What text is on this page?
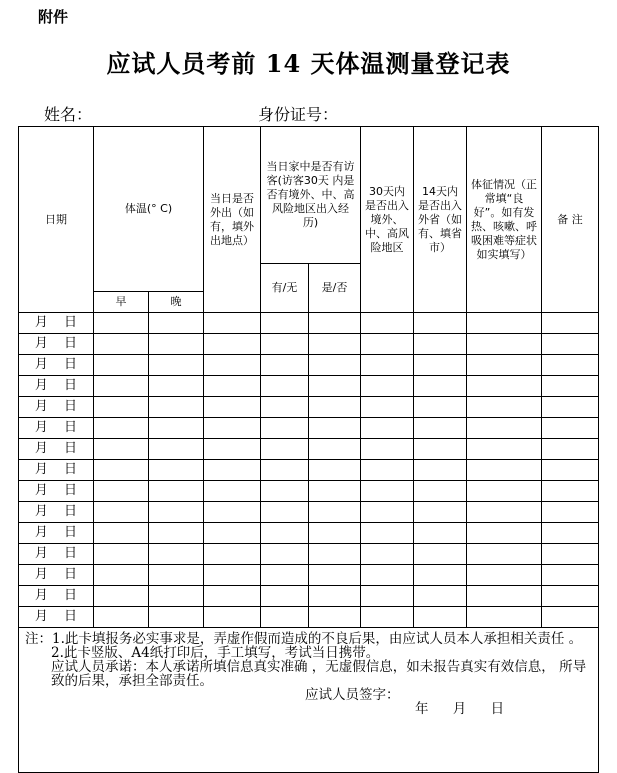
附件
应试人员考前 14 天体温测量登记表
姓名：	身份证号：
日期	体温(° C)		当日是否外出（如有，填外出地点）	当日家中是否有访客(访客30天 内是否有境外、中、高风险地区出入经历)		30天内是否出入境外、中、高风险地区	14天内是否出入外省（如有、填省市）	体征情况（正 常填“良好”。如有发热、咳嗽、呼吸困难等症状如实填写）	备 注
				有/无	是/否				
	早	晚							
月 日									
月 日									
月 日									
月 日									
月 日									
月 日									
月 日									
月 日									
月 日									
月 日									
月 日									
月 日									
月 日									
月 日									
月 日									

注：1.此卡填报务必实事求是，弄虚作假而造成的不良后果，由应试人员本人承担相关责任 。

2.此卡竖版、A4纸打印后，手工填写，考试当日携带。

应试人员承诺：本人承诺所填信息真实准确 ，无虚假信息，如未报告真实有效信息， 所导致的后果，承担全部责任。

应试人员签字：

年 月 日									
